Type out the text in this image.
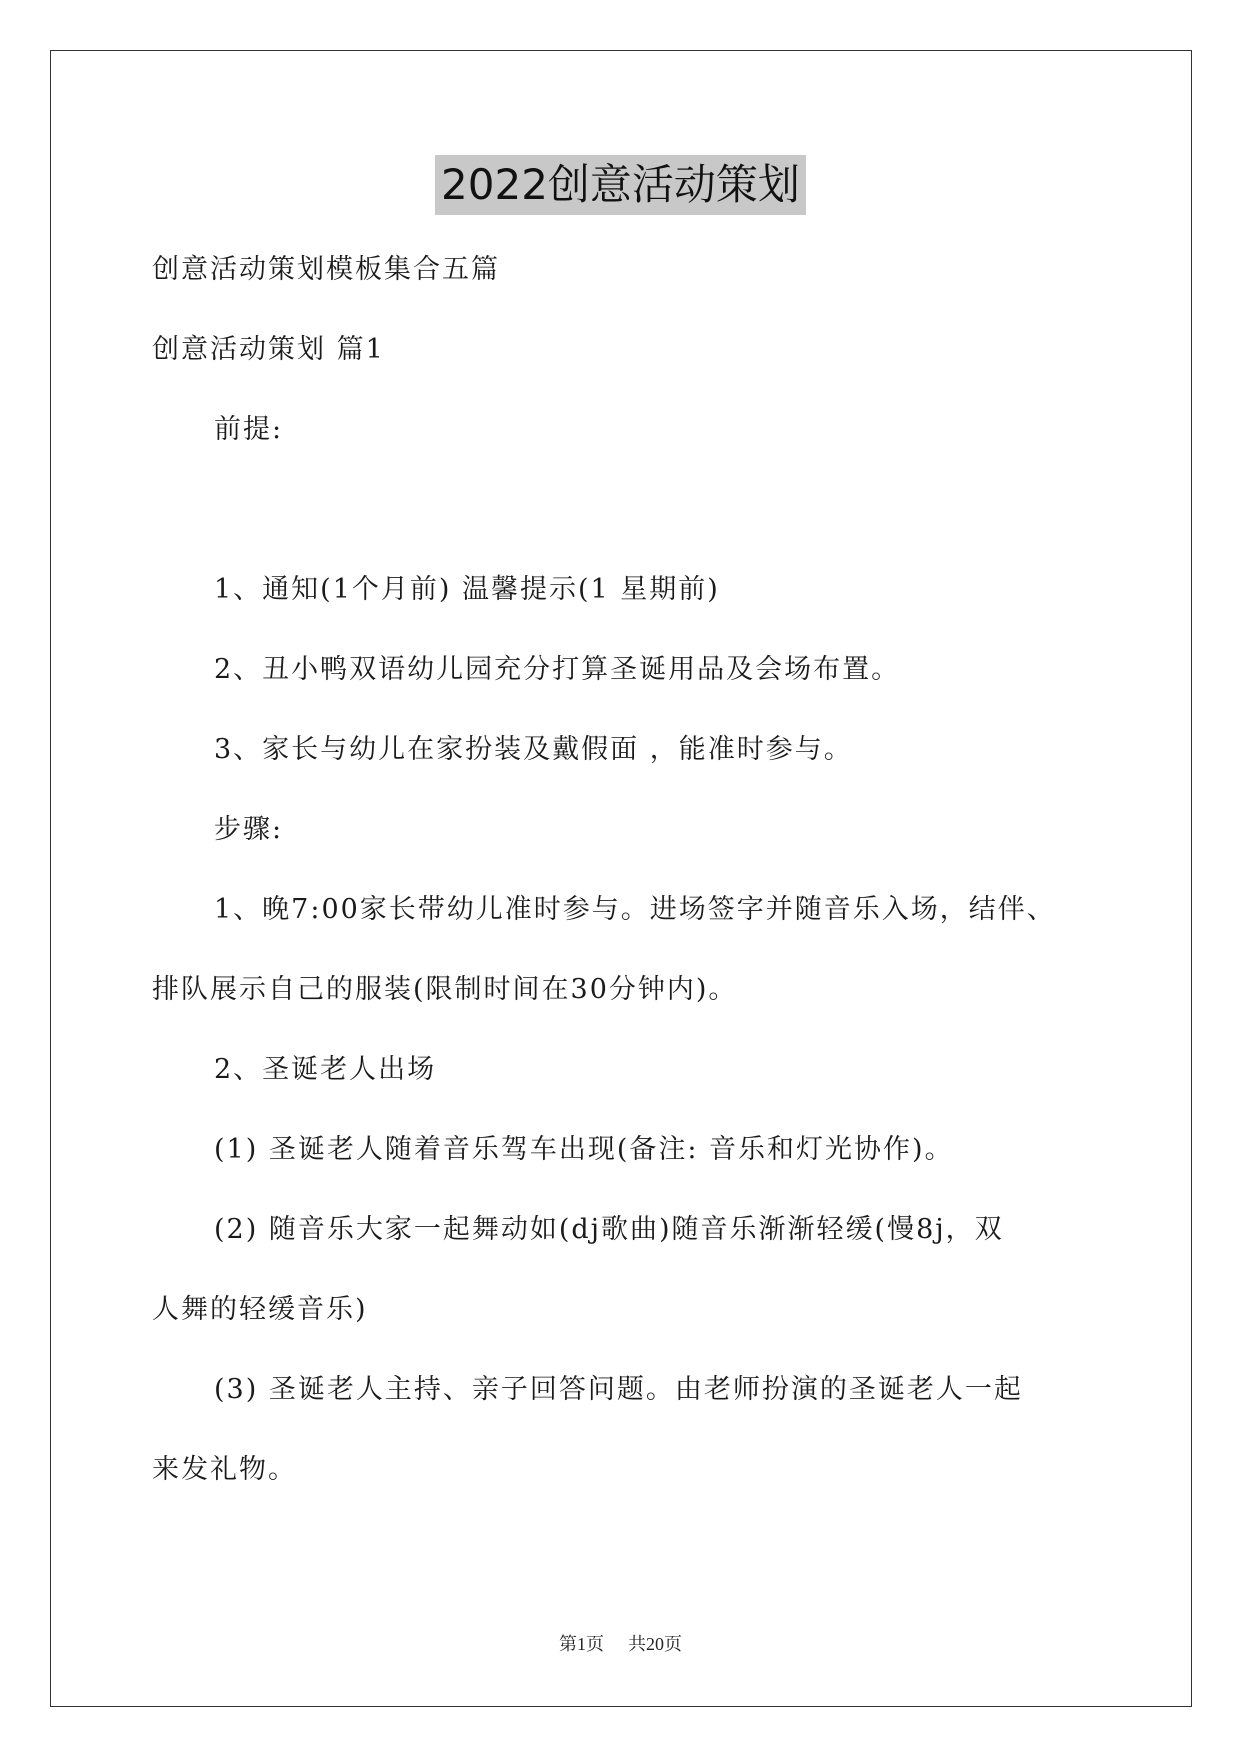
2022创意活动策划
创意活动策划模板集合五篇
创意活动策划 篇1
前提:
1、通知(1个月前) 温馨提示(1 星期前)
2、丑小鸭双语幼儿园充分打算圣诞用品及会场布置。
3、家长与幼儿在家扮装及戴假面 ，能准时参与。
步骤:
1、晚7:00家长带幼儿准时参与。进场签字并随音乐入场，结伴、
排队展示自己的服装(限制时间在30分钟内)。
2、圣诞老人出场
(1) 圣诞老人随着音乐驾车出现(备注: 音乐和灯光协作)。
(2) 随音乐大家一起舞动如(dj歌曲)随音乐渐渐轻缓(慢8j，双
人舞的轻缓音乐)
(3) 圣诞老人主持、亲子回答问题。由老师扮演的圣诞老人一起
来发礼物。
第1页 共20页
